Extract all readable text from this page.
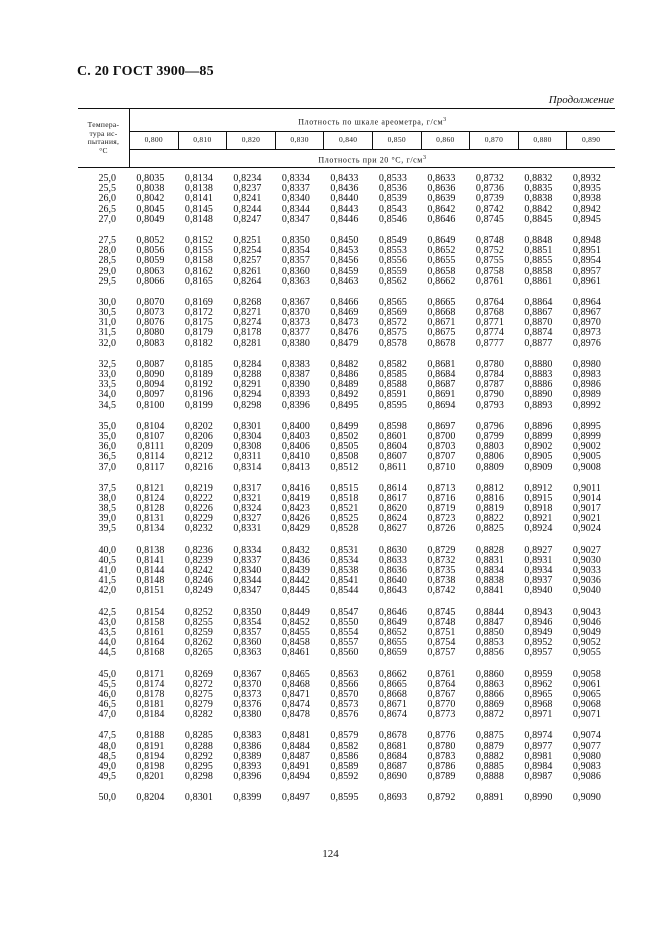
С. 20 ГОСТ 3900—85
Продолжение
Темпера-
тура ис-
пытания,
°С
Плотность по шкале ареометра, $г/см^3$
0,800	0,810	0,820	0,830	0,840	0,850	0,860	0,870	0,880	0,890
Плотность при 20 °С, $г/см^3$
25,0	0,8035	0,8134	0,8234	0,8334	0,8433	0,8533	0,8633	0,8732	0,8832	0,8932
25,5	0,8038	0,8138	0,8237	0,8337	0,8436	0,8536	0,8636	0,8736	0,8835	0,8935
26,0	0,8042	0,8141	0,8241	0,8340	0,8440	0,8539	0,8639	0,8739	0,8838	0,8938
26,5	0,8045	0,8145	0,8244	0,8344	0,8443	0,8543	0,8642	0,8742	0,8842	0,8942
27,0	0,8049	0,8148	0,8247	0,8347	0,8446	0,8546	0,8646	0,8745	0,8845	0,8945
27,5	0,8052	0,8152	0,8251	0,8350	0,8450	0,8549	0,8649	0,8748	0,8848	0,8948
28,0	0,8056	0,8155	0,8254	0,8354	0,8453	0,8553	0,8652	0,8752	0,8851	0,8951
28,5	0,8059	0,8158	0,8257	0,8357	0,8456	0,8556	0,8655	0,8755	0,8855	0,8954
29,0	0,8063	0,8162	0,8261	0,8360	0,8459	0,8559	0,8658	0,8758	0,8858	0,8957
29,5	0,8066	0,8165	0,8264	0,8363	0,8463	0,8562	0,8662	0,8761	0,8861	0,8961
30,0	0,8070	0,8169	0,8268	0,8367	0,8466	0,8565	0,8665	0,8764	0,8864	0,8964
30,5	0,8073	0,8172	0,8271	0,8370	0,8469	0,8569	0,8668	0,8768	0,8867	0,8967
31,0	0,8076	0,8175	0,8274	0,8373	0,8473	0,8572	0,8671	0,8771	0,8870	0,8970
31,5	0,8080	0,8179	0,8178	0,8377	0,8476	0,8575	0,8675	0,8774	0,8874	0,8973
32,0	0,8083	0,8182	0,8281	0,8380	0,8479	0,8578	0,8678	0,8777	0,8877	0,8976
32,5	0,8087	0,8185	0,8284	0,8383	0,8482	0,8582	0,8681	0,8780	0,8880	0,8980
33,0	0,8090	0,8189	0,8288	0,8387	0,8486	0,8585	0,8684	0,8784	0,8883	0,8983
33,5	0,8094	0,8192	0,8291	0,8390	0,8489	0,8588	0,8687	0,8787	0,8886	0,8986
34,0	0,8097	0,8196	0,8294	0,8393	0,8492	0,8591	0,8691	0,8790	0,8890	0,8989
34,5	0,8100	0,8199	0,8298	0,8396	0,8495	0,8595	0,8694	0,8793	0,8893	0,8992
35,0	0,8104	0,8202	0,8301	0,8400	0,8499	0,8598	0,8697	0,8796	0,8896	0,8995
35,0	0,8107	0,8206	0,8304	0,8403	0,8502	0,8601	0,8700	0,8799	0,8899	0,8999
36,0	0,8111	0,8209	0,8308	0,8406	0,8505	0,8604	0,8703	0,8803	0,8902	0,9002
36,5	0,8114	0,8212	0,8311	0,8410	0,8508	0,8607	0,8707	0,8806	0,8905	0,9005
37,0	0,8117	0,8216	0,8314	0,8413	0,8512	0,8611	0,8710	0,8809	0,8909	0,9008
37,5	0,8121	0,8219	0,8317	0,8416	0,8515	0,8614	0,8713	0,8812	0,8912	0,9011
38,0	0,8124	0,8222	0,8321	0,8419	0,8518	0,8617	0,8716	0,8816	0,8915	0,9014
38,5	0,8128	0,8226	0,8324	0,8423	0,8521	0,8620	0,8719	0,8819	0,8918	0,9017
39,0	0,8131	0,8229	0,8327	0,8426	0,8525	0,8624	0,8723	0,8822	0,8921	0,9021
39,5	0,8134	0,8232	0,8331	0,8429	0,8528	0,8627	0,8726	0,8825	0,8924	0,9024
40,0	0,8138	0,8236	0,8334	0,8432	0,8531	0,8630	0,8729	0,8828	0,8927	0,9027
40,5	0,8141	0,8239	0,8337	0,8436	0,8534	0,8633	0,8732	0,8831	0,8931	0,9030
41,0	0,8144	0,8242	0,8340	0,8439	0,8538	0,8636	0,8735	0,8834	0,8934	0,9033
41,5	0,8148	0,8246	0,8344	0,8442	0,8541	0,8640	0,8738	0,8838	0,8937	0,9036
42,0	0,8151	0,8249	0,8347	0,8445	0,8544	0,8643	0,8742	0,8841	0,8940	0,9040
42,5	0,8154	0,8252	0,8350	0,8449	0,8547	0,8646	0,8745	0,8844	0,8943	0,9043
43,0	0,8158	0,8255	0,8354	0,8452	0,8550	0,8649	0,8748	0,8847	0,8946	0,9046
43,5	0,8161	0,8259	0,8357	0,8455	0,8554	0,8652	0,8751	0,8850	0,8949	0,9049
44,0	0,8164	0,8262	0,8360	0,8458	0,8557	0,8655	0,8754	0,8853	0,8952	0,9052
44,5	0,8168	0,8265	0,8363	0,8461	0,8560	0,8659	0,8757	0,8856	0,8957	0,9055
45,0	0,8171	0,8269	0,8367	0,8465	0,8563	0,8662	0,8761	0,8860	0,8959	0,9058
45,5	0,8174	0,8272	0,8370	0,8468	0,8566	0,8665	0,8764	0,8863	0,8962	0,9061
46,0	0,8178	0,8275	0,8373	0,8471	0,8570	0,8668	0,8767	0,8866	0,8965	0,9065
46,5	0,8181	0,8279	0,8376	0,8474	0,8573	0,8671	0,8770	0,8869	0,8968	0,9068
47,0	0,8184	0,8282	0,8380	0,8478	0,8576	0,8674	0,8773	0,8872	0,8971	0,9071
47,5	0,8188	0,8285	0,8383	0,8481	0,8579	0,8678	0,8776	0,8875	0,8974	0,9074
48,0	0,8191	0,8288	0,8386	0,8484	0,8582	0,8681	0,8780	0,8879	0,8977	0,9077
48,5	0,8194	0,8292	0,8389	0,8487	0,8586	0,8684	0,8783	0,8882	0,8981	0,9080
49,0	0,8198	0,8295	0,8393	0,8491	0,8589	0,8687	0,8786	0,8885	0,8984	0,9083
49,5	0,8201	0,8298	0,8396	0,8494	0,8592	0,8690	0,8789	0,8888	0,8987	0,9086
50,0	0,8204	0,8301	0,8399	0,8497	0,8595	0,8693	0,8792	0,8891	0,8990	0,9090
124
